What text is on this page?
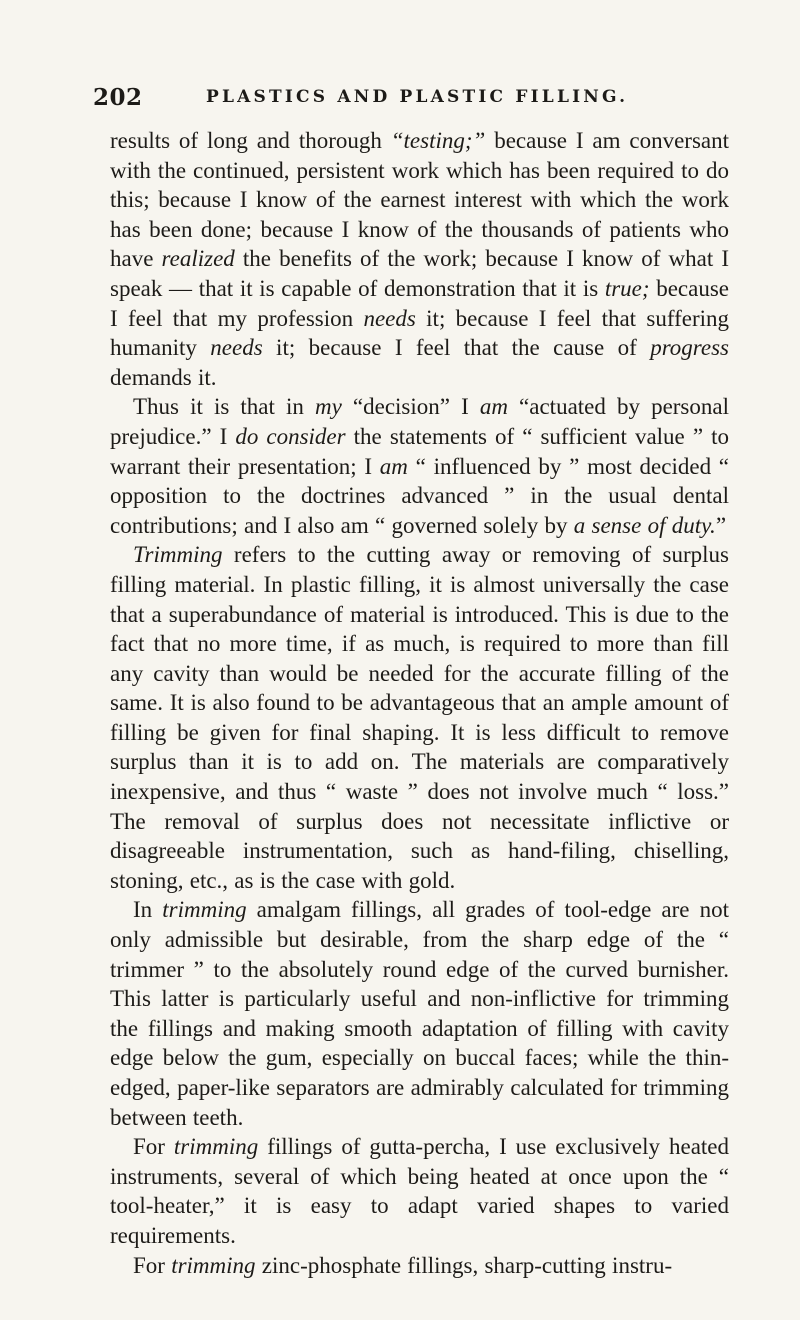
202	PLASTICS AND PLASTIC FILLING.

results of long and thorough “testing;” because I am conversant with the continued, persistent work which has been required to do this; because I know of the earnest interest with which the work has been done; because I know of the thousands of patients who have realized the benefits of the work; because I know of what I speak — that it is capable of demonstration that it is true; because I feel that my profession needs it; because I feel that suffering humanity needs it; because I feel that the cause of progress demands it.

Thus it is that in my “decision” I am “actuated by personal prejudice.” I do consider the statements of “ sufficient value ” to warrant their presentation; I am “ influenced by ” most decided “ opposition to the doctrines advanced ” in the usual dental contributions; and I also am “ governed solely by a sense of duty.”

Trimming refers to the cutting away or removing of surplus filling material. In plastic filling, it is almost universally the case that a superabundance of material is introduced. This is due to the fact that no more time, if as much, is required to more than fill any cavity than would be needed for the accurate filling of the same. It is also found to be advantageous that an ample amount of filling be given for final shaping. It is less difficult to remove surplus than it is to add on. The materials are comparatively inexpensive, and thus “ waste ” does not involve much “ loss.” The removal of surplus does not necessitate inflictive or disagreeable instrumentation, such as hand-filing, chiselling, stoning, etc., as is the case with gold.

In trimming amalgam fillings, all grades of tool-edge are not only admissible but desirable, from the sharp edge of the “ trimmer ” to the absolutely round edge of the curved burnisher. This latter is particularly useful and non-inflictive for trimming the fillings and making smooth adaptation of filling with cavity edge below the gum, especially on buccal faces; while the thin-edged, paper-like separators are admirably calculated for trimming between teeth.

For trimming fillings of gutta-percha, I use exclusively heated instruments, several of which being heated at once upon the “ tool-heater,” it is easy to adapt varied shapes to varied requirements.

For trimming zinc-phosphate fillings, sharp-cutting instru-
